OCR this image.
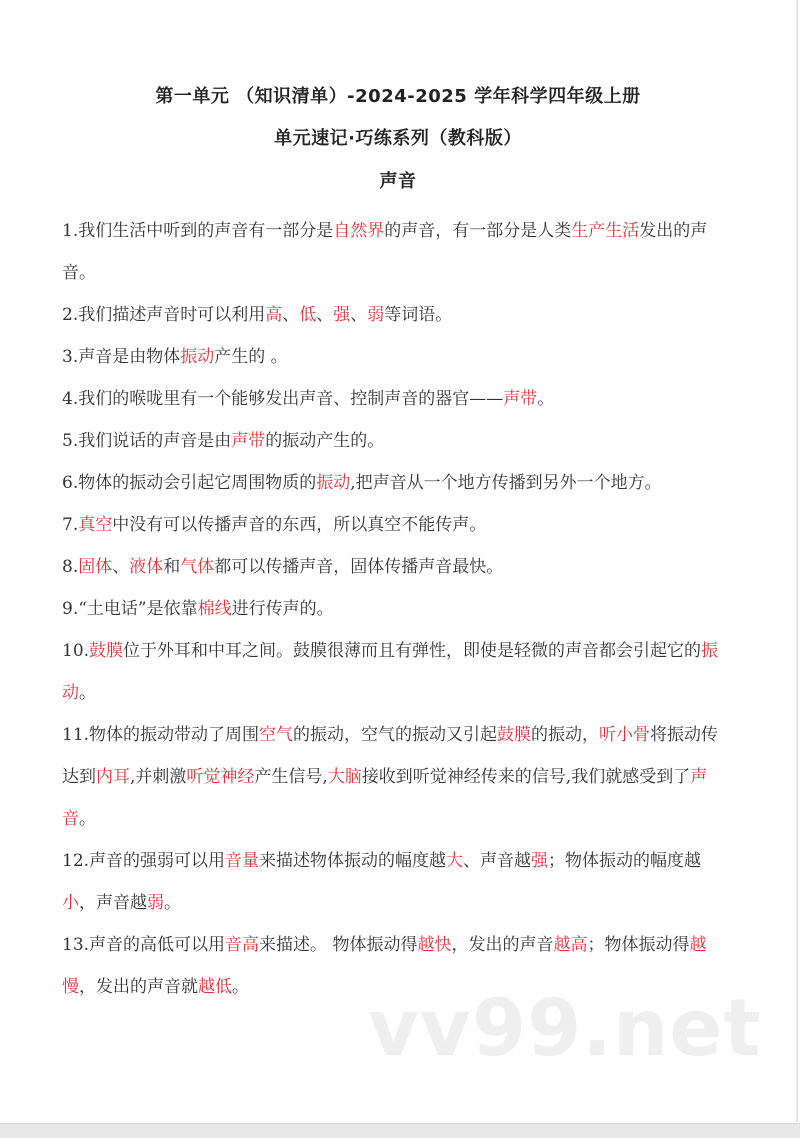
第一单元 （知识清单）-2024-2025 学年科学四年级上册
单元速记·巧练系列（教科版）
声音

1.我们生活中听到的声音有一部分是自然界的声音，有一部分是人类生产生活发出的声音。

2.我们描述声音时可以利用高、低、强、弱等词语。

3.声音是由物体振动产生的 。

4.我们的喉咙里有一个能够发出声音、控制声音的器官——声带。

5.我们说话的声音是由声带的振动产生的。

6.物体的振动会引起它周围物质的振动,把声音从一个地方传播到另外一个地方。

7.真空中没有可以传播声音的东西，所以真空不能传声。

8.固体、液体和气体都可以传播声音，固体传播声音最快。

9.“土电话”是依靠棉线进行传声的。

10.鼓膜位于外耳和中耳之间。鼓膜很薄而且有弹性，即使是轻微的声音都会引起它的振动。

11.物体的振动带动了周围空气的振动，空气的振动又引起鼓膜的振动，听小骨将振动传达到内耳,并刺激听觉神经产生信号,大脑接收到听觉神经传来的信号,我们就感受到了声音。

12.声音的强弱可以用音量来描述物体振动的幅度越大、声音越强；物体振动的幅度越小，声音越弱。

13.声音的高低可以用音高来描述。 物体振动得越快，发出的声音越高；物体振动得越慢，发出的声音就越低。	vv99.net
